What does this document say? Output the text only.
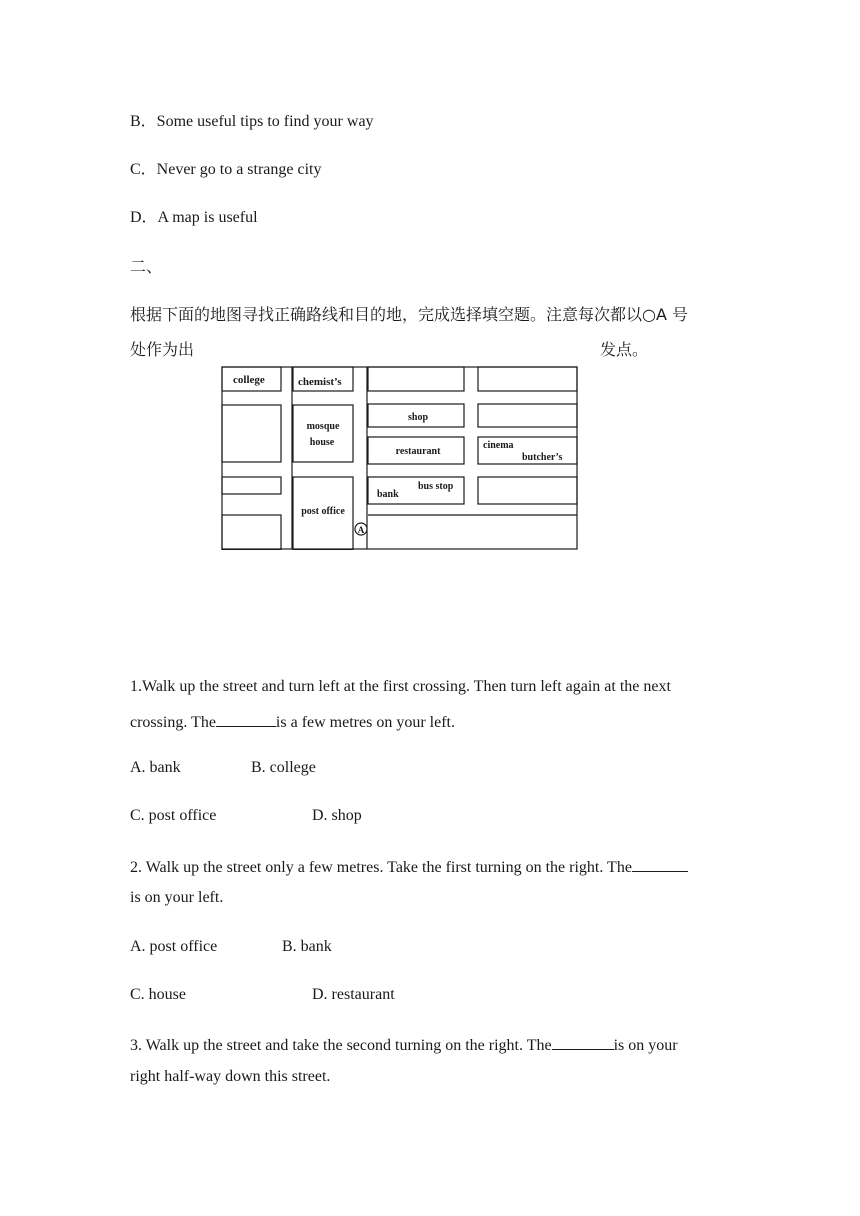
B．Some useful tips to find your way
C．Never go to a strange city
D．A map is useful
二、
根据下面的地图寻找正确路线和目的地，完成选择填空题。注意每次都以○A 号
处作为出	发点。
college	chemist’s
mosque
house
post office
shop
restaurant
bus stop
bank
cinema
butcher’s
A
1.Walk up the street and turn left at the first crossing. Then turn left again at the next
crossing. The	is a few metres on your left.
A. bank	B. college
C. post office	D. shop
2. Walk up the street only a few metres. Take the first turning on the right. The
is on your left.
A. post office	B. bank
C. house	D. restaurant
3. Walk up the street and take the second turning on the right. The	is on your
right half-way down this street.
